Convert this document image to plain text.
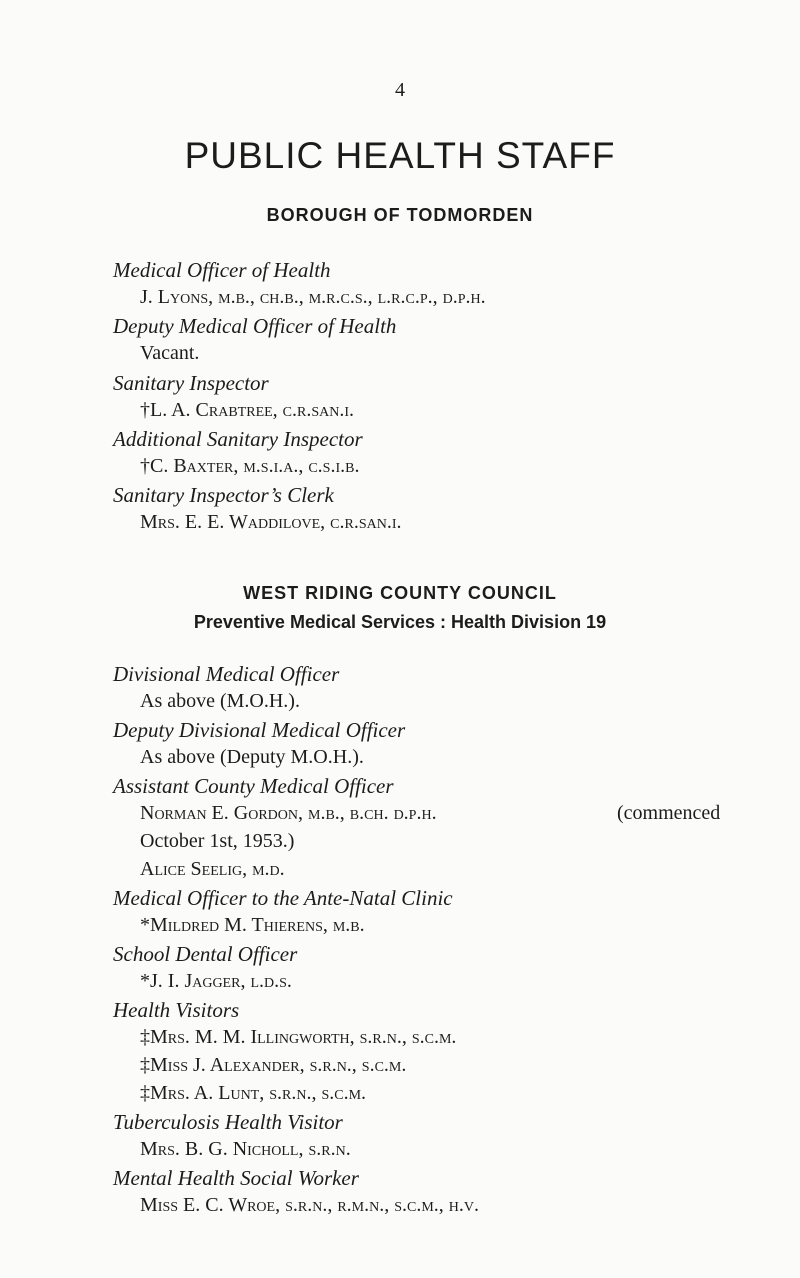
4
PUBLIC HEALTH STAFF
BOROUGH OF TODMORDEN
Medical Officer of Health
J. Lyons, m.b., ch.b., m.r.c.s., l.r.c.p., d.p.h.
Deputy Medical Officer of Health
Vacant.
Sanitary Inspector
†L. A. Crabtree, c.r.san.i.
Additional Sanitary Inspector
†C. Baxter, m.s.i.a., c.s.i.b.
Sanitary Inspector’s Clerk
Mrs. E. E. Waddilove, c.r.san.i.
WEST RIDING COUNTY COUNCIL
Preventive Medical Services : Health Division 19
Divisional Medical Officer
As above (M.O.H.).
Deputy Divisional Medical Officer
As above (Deputy M.O.H.).
Assistant County Medical Officer
Norman E. Gordon, m.b., b.ch. d.p.h.	(commenced
October 1st, 1953.)
Alice Seelig, m.d.
Medical Officer to the Ante-Natal Clinic
*Mildred M. Thierens, m.b.
School Dental Officer
*J. I. Jagger, l.d.s.
Health Visitors
‡Mrs. M. M. Illingworth, s.r.n., s.c.m.
‡Miss J. Alexander, s.r.n., s.c.m.
‡Mrs. A. Lunt, s.r.n., s.c.m.
Tuberculosis Health Visitor
Mrs. B. G. Nicholl, s.r.n.
Mental Health Social Worker
Miss E. C. Wroe, s.r.n., r.m.n., s.c.m., h.v.
